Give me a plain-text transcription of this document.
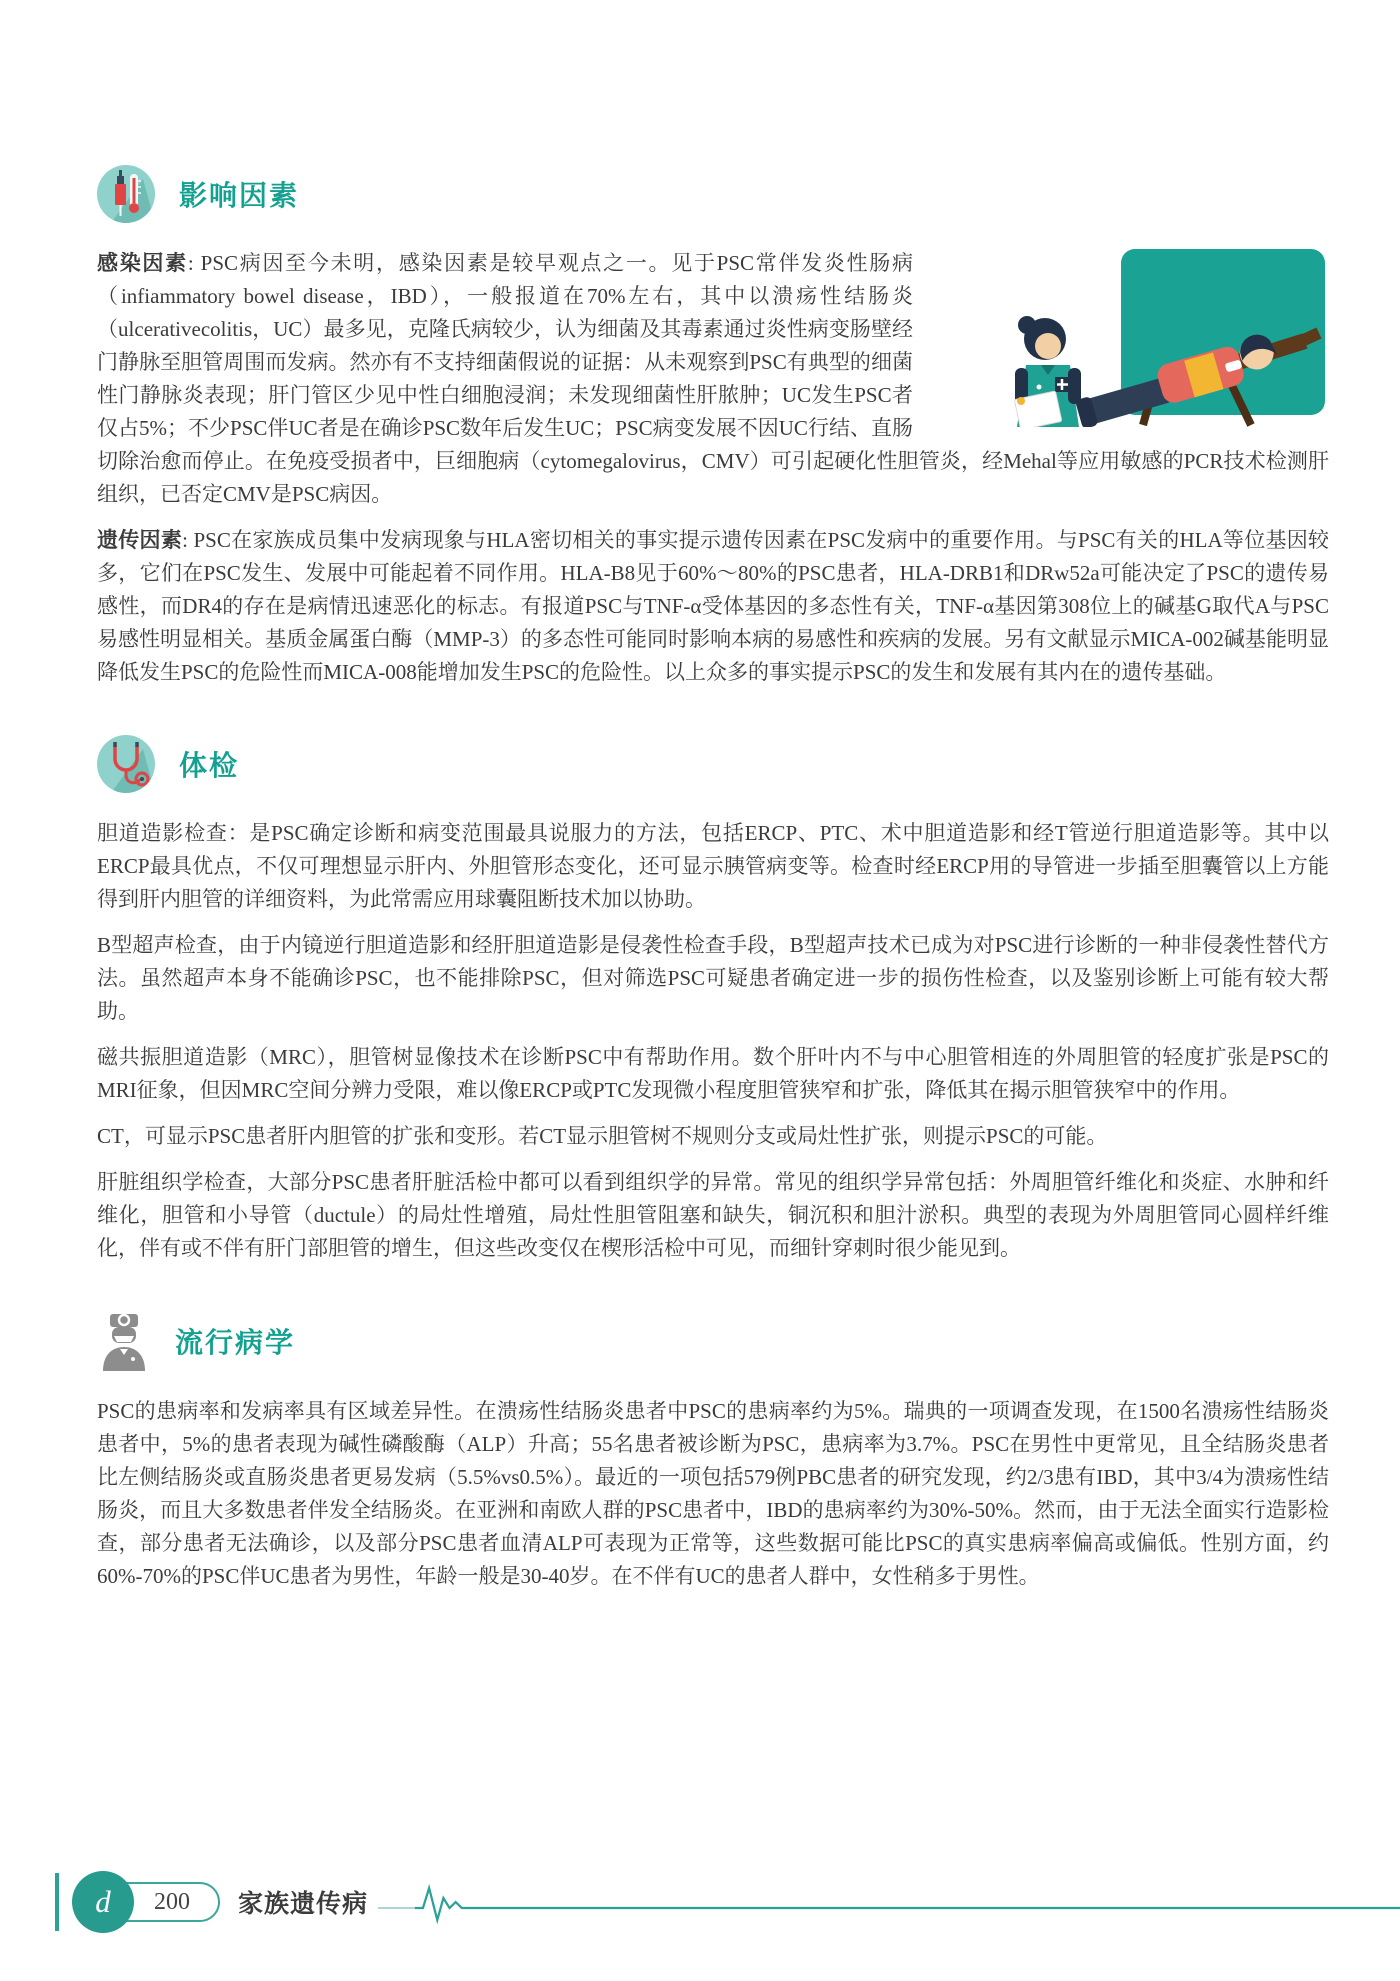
影响因素

感染因素: PSC病因至今未明，感染因素是较早观点之一。见于PSC常伴发炎性肠病（infiammatory bowel disease，IBD），一般报道在70%左右，其中以溃疡性结肠炎（ulcerativecolitis，UC）最多见，克隆氏病较少，认为细菌及其毒素通过炎性病变肠壁经门静脉至胆管周围而发病。然亦有不支持细菌假说的证据：从未观察到PSC有典型的细菌性门静脉炎表现；肝门管区少见中性白细胞浸润；未发现细菌性肝脓肿；UC发生PSC者仅占5%；不少PSC伴UC者是在确诊PSC数年后发生UC；PSC病变发展不因UC行结、直肠切除治愈而停止。在免疫受损者中，巨细胞病（cytomegalovirus，CMV）可引起硬化性胆管炎，经Mehal等应用敏感的PCR技术检测肝组织，已否定CMV是PSC病因。

遗传因素: PSC在家族成员集中发病现象与HLA密切相关的事实提示遗传因素在PSC发病中的重要作用。与PSC有关的HLA等位基因较多，它们在PSC发生、发展中可能起着不同作用。HLA-B8见于60%～80%的PSC患者，HLA-DRB1和DRw52a可能决定了PSC的遗传易感性，而DR4的存在是病情迅速恶化的标志。有报道PSC与TNF-α受体基因的多态性有关，TNF-α基因第308位上的碱基G取代A与PSC易感性明显相关。基质金属蛋白酶（MMP-3）的多态性可能同时影响本病的易感性和疾病的发展。另有文献显示MICA-002碱基能明显降低发生PSC的危险性而MICA-008能增加发生PSC的危险性。以上众多的事实提示PSC的发生和发展有其内在的遗传基础。

体检

胆道造影检查：是PSC确定诊断和病变范围最具说服力的方法，包括ERCP、PTC、术中胆道造影和经T管逆行胆道造影等。其中以ERCP最具优点，不仅可理想显示肝内、外胆管形态变化，还可显示胰管病变等。检查时经ERCP用的导管进一步插至胆囊管以上方能得到肝内胆管的详细资料，为此常需应用球囊阻断技术加以协助。

B型超声检查，由于内镜逆行胆道造影和经肝胆道造影是侵袭性检查手段，B型超声技术已成为对PSC进行诊断的一种非侵袭性替代方法。虽然超声本身不能确诊PSC，也不能排除PSC，但对筛选PSC可疑患者确定进一步的损伤性检查，以及鉴别诊断上可能有较大帮助。

磁共振胆道造影（MRC），胆管树显像技术在诊断PSC中有帮助作用。数个肝叶内不与中心胆管相连的外周胆管的轻度扩张是PSC的MRI征象，但因MRC空间分辨力受限，难以像ERCP或PTC发现微小程度胆管狭窄和扩张，降低其在揭示胆管狭窄中的作用。

CT，可显示PSC患者肝内胆管的扩张和变形。若CT显示胆管树不规则分支或局灶性扩张，则提示PSC的可能。

肝脏组织学检查，大部分PSC患者肝脏活检中都可以看到组织学的异常。常见的组织学异常包括：外周胆管纤维化和炎症、水肿和纤维化，胆管和小导管（ductule）的局灶性增殖，局灶性胆管阻塞和缺失，铜沉积和胆汁淤积。典型的表现为外周胆管同心圆样纤维化，伴有或不伴有肝门部胆管的增生，但这些改变仅在楔形活检中可见，而细针穿刺时很少能见到。

流行病学

PSC的患病率和发病率具有区域差异性。在溃疡性结肠炎患者中PSC的患病率约为5%。瑞典的一项调查发现，在1500名溃疡性结肠炎患者中，5%的患者表现为碱性磷酸酶（ALP）升高；55名患者被诊断为PSC，患病率为3.7%。PSC在男性中更常见，且全结肠炎患者比左侧结肠炎或直肠炎患者更易发病（5.5%vs0.5%）。最近的一项包括579例PBC患者的研究发现，约2/3患有IBD，其中3/4为溃疡性结肠炎，而且大多数患者伴发全结肠炎。在亚洲和南欧人群的PSC患者中，IBD的患病率约为30%-50%。然而，由于无法全面实行造影检查，部分患者无法确诊，以及部分PSC患者血清ALP可表现为正常等，这些数据可能比PSC的真实患病率偏高或偏低。性别方面，约60%-70%的PSC伴UC患者为男性，年龄一般是30-40岁。在不伴有UC的患者人群中，女性稍多于男性。

d	200	家族遗传病
